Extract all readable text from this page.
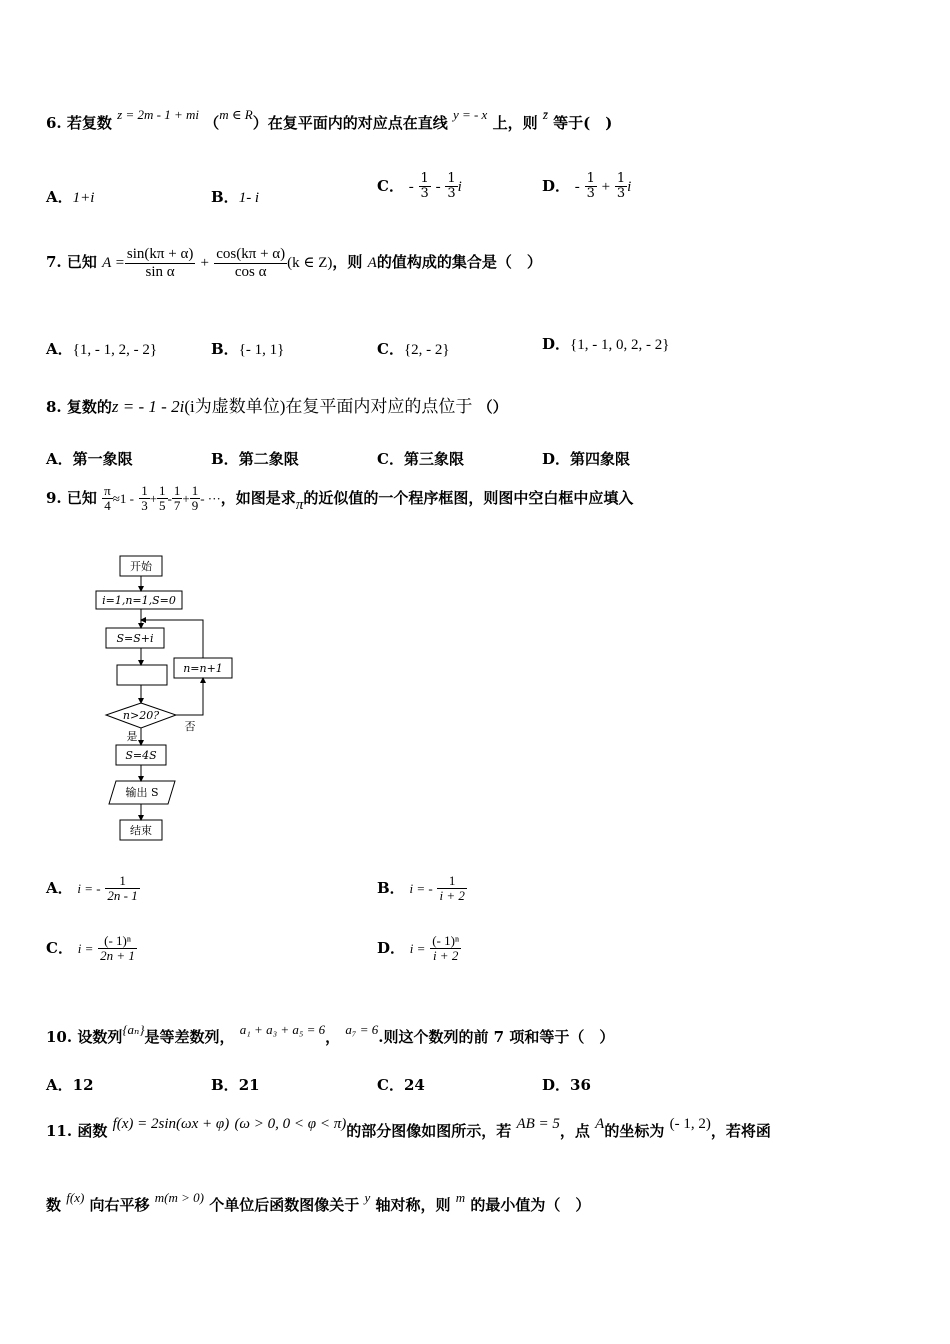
6. 若复数 z = 2m - 1 + mi （m ∈ R）在复平面内的对应点在直线 y = - x 上，则 z̄ 等于(　)
A．1+i	B．1- i
C． - $\frac{1}{3} - \frac{1}{3}$ i	D． - $\frac{1}{3} + \frac{1}{3}$ i
7. 已知 $A = \frac{\sin(k\pi + \alpha)}{\text{sin α}} + \frac{\cos(k\pi + \alpha)}{\text{cos α}} (k$ ∈ Z)，则 A的值构成的集合是（　）
A．{1, - 1, 2, - 2}	B．{- 1, 1}	C．{2, - 2}	D．{1, - 1, 0, 2, - 2}
8. 复数的z = - 1 - 2i(i为虚数单位)在复平面内对应的点位于 （）
A．第一象限	B．第二象限	C．第三象限	D．第四象限
9. 已知 $\frac{\pi}{4} \approx 1 - \frac{1}{3} + \frac{1}{5} - \frac{1}{7} + \frac{1}{9}$ - ···，如图是求π的近似值的一个程序框图，则图中空白框中应填入
开始
i=1,n=1,S=0
S=S+i
n=n+1
n>20?
是
否
S=4S
输出 S
结束
A． i = - $\frac{1}{2n - 1}$	B． i = - $\frac{1}{i + 2}$
C． $i = \frac{\text{(- 1)ⁿ}}{2n + 1}$	D． $i = \frac{\text{(- 1)ⁿ}}{i + 2}$
10. 设数列{aₙ}是等差数列， a₁ + a₃ + a₅ = 6， a₇ = 6.则这个数列的前 7 项和等于（　）
A．12	B．21	C．24	D．36
11. 函数 f(x) = 2sin(ωx + φ) (ω > 0, 0 < φ < π)的部分图像如图所示，若 AB = 5，点 A的坐标为 (- 1, 2)，若将函
数 f(x) 向右平移 m(m > 0) 个单位后函数图像关于 y 轴对称，则 m 的最小值为（　）
